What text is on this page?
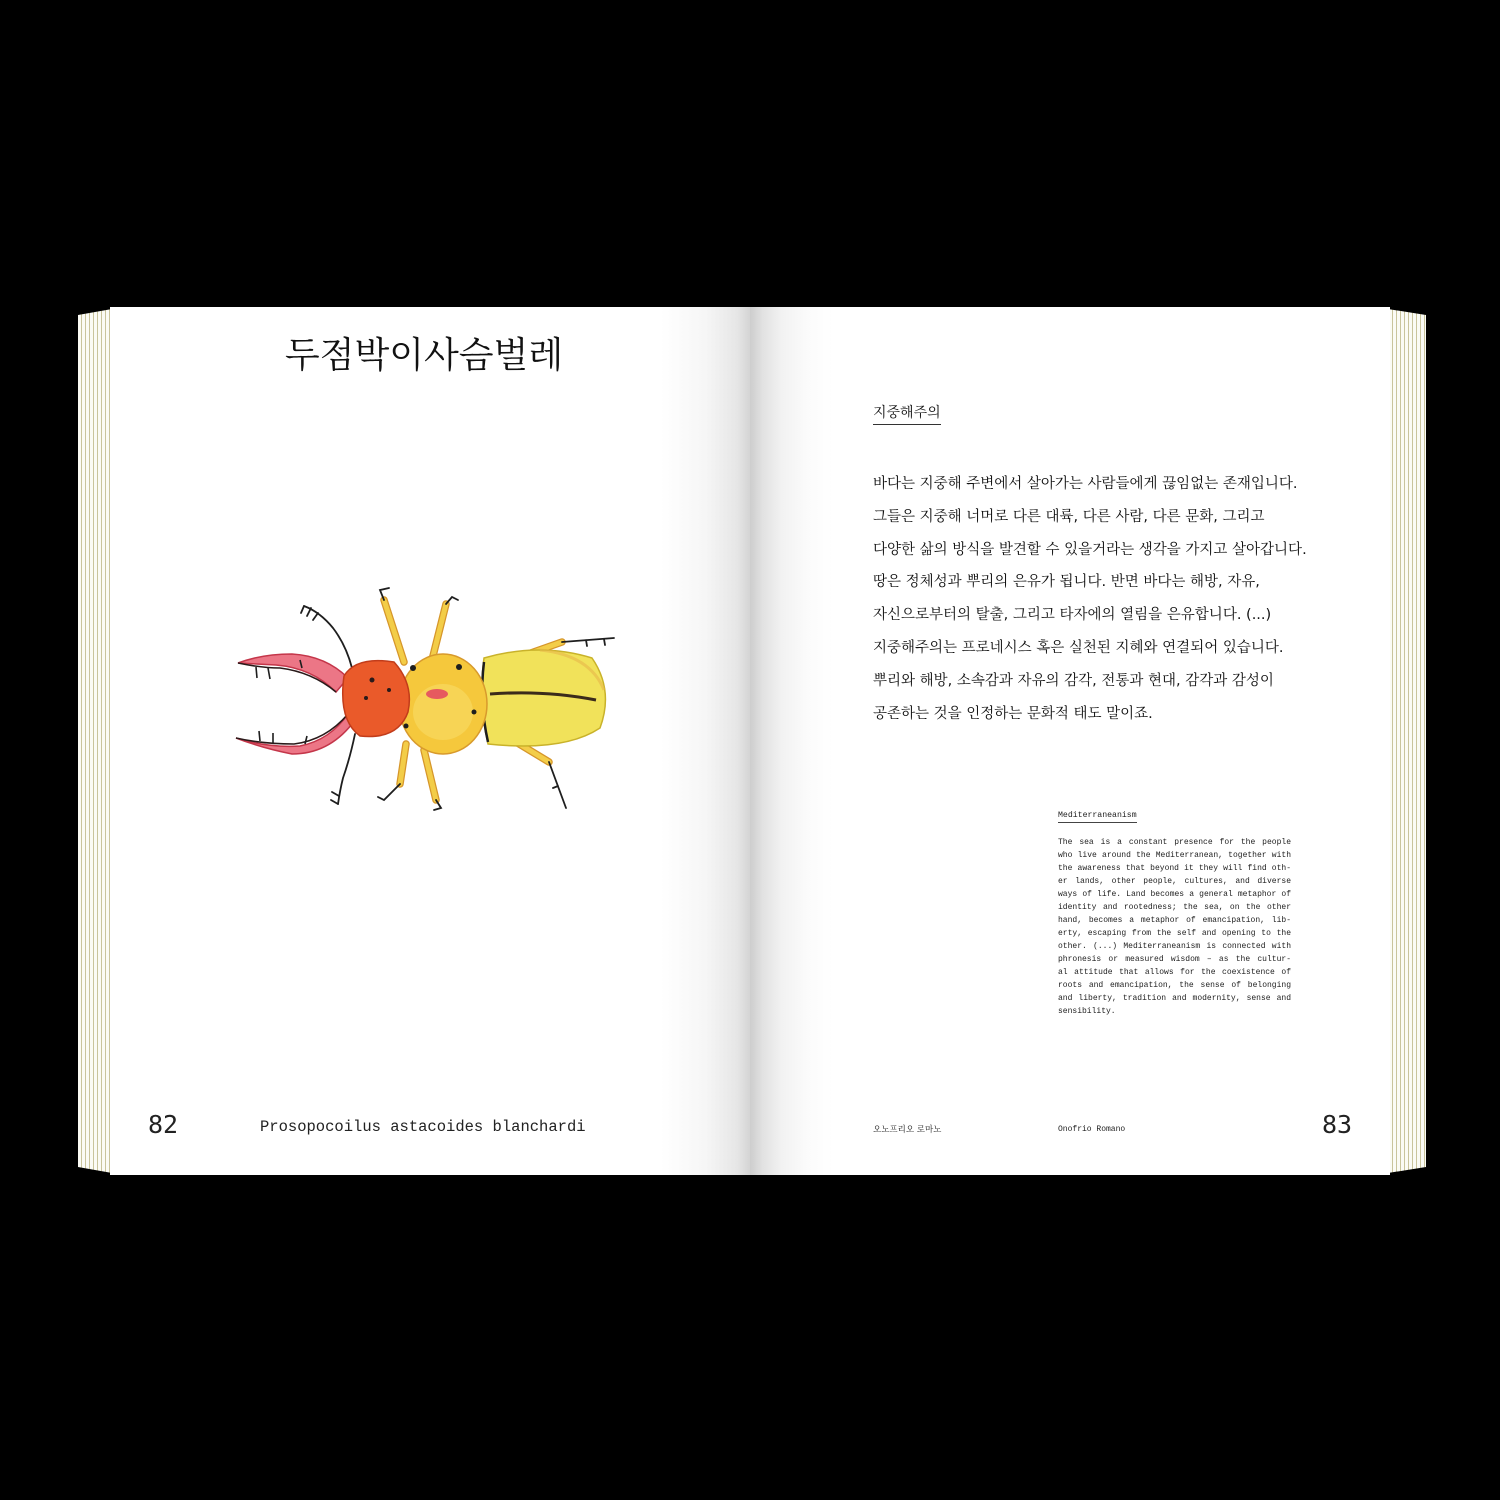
두점박이사슴벌레
82	Prosopocoilus astacoides blanchardi
지중해주의
바다는 지중해 주변에서 살아가는 사람들에게 끊임없는 존재입니다.
그들은 지중해 너머로 다른 대륙, 다른 사람, 다른 문화, 그리고
다양한 삶의 방식을 발견할 수 있을거라는 생각을 가지고 살아갑니다.
땅은 정체성과 뿌리의 은유가 됩니다. 반면 바다는 해방, 자유,
자신으로부터의 탈출, 그리고 타자에의 열림을 은유합니다. (...)
지중해주의는 프로네시스 혹은 실천된 지혜와 연결되어 있습니다.
뿌리와 해방, 소속감과 자유의 감각, 전통과 현대, 감각과 감성이
공존하는 것을 인정하는 문화적 태도 말이죠.
Mediterraneanism
The sea is a constant presence for the people
who live around the Mediterranean, together with
the awareness that beyond it they will find oth-
er lands, other people, cultures, and diverse
ways of life. Land becomes a general metaphor of
identity and rootedness; the sea, on the other
hand, becomes a metaphor of emancipation, lib-
erty, escaping from the self and opening to the
other. (...) Mediterraneanism is connected with
phronesis or measured wisdom – as the cultur-
al attitude that allows for the coexistence of
roots and emancipation, the sense of belonging
and liberty, tradition and modernity, sense and
sensibility.
오노프리오 로마노	Onofrio Romano	83
